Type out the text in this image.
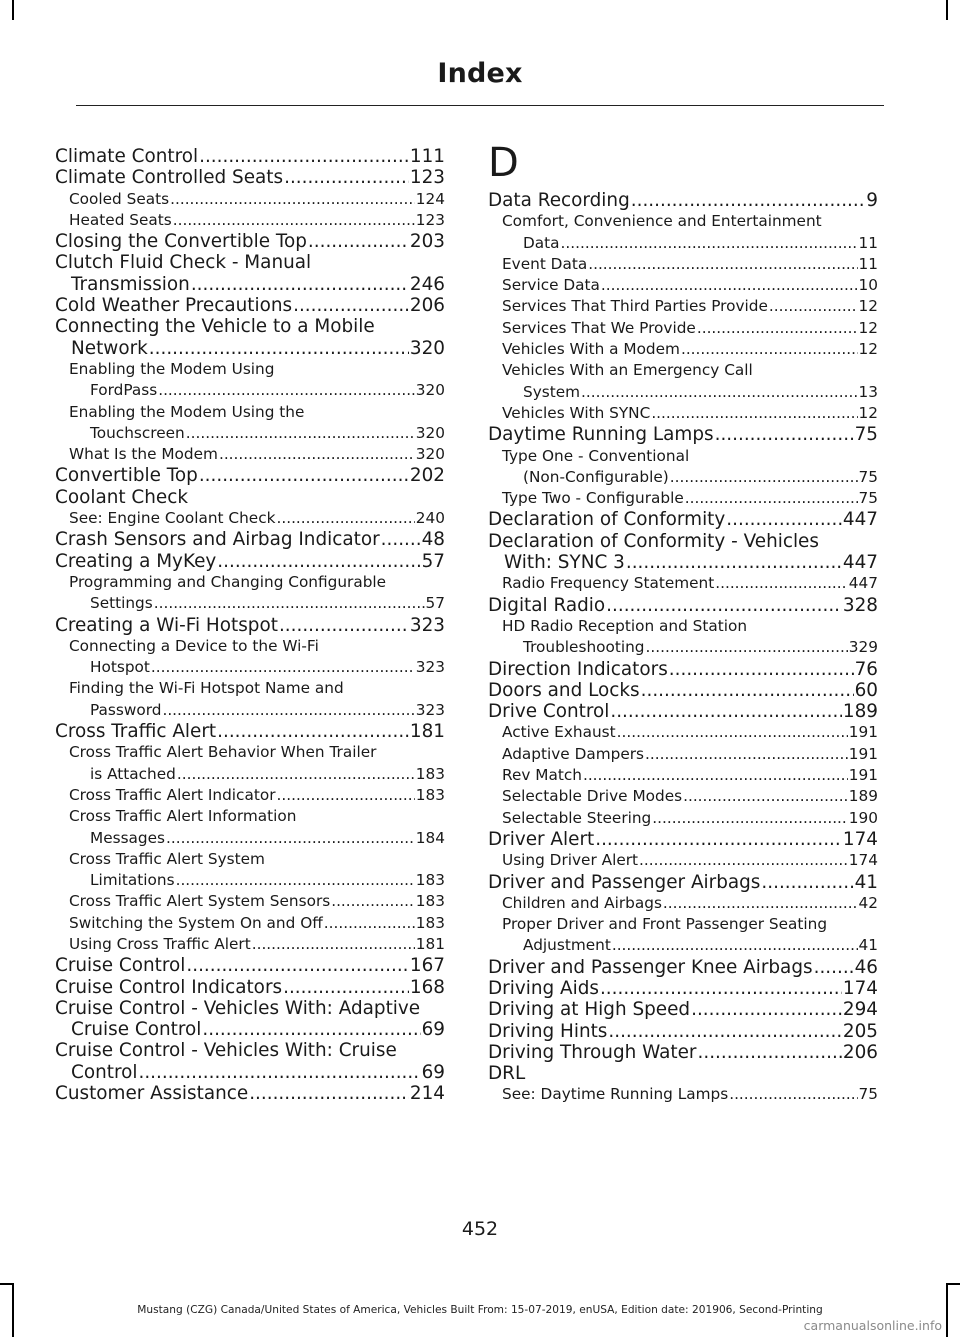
Index
Climate Control .....	111
Climate Controlled Seats .....	123
Cooled Seats .....	124
Heated Seats .....	123
Closing the Convertible Top .....	203
Clutch Fluid Check - Manual
Transmission .....	246
Cold Weather Precautions .....	206
Connecting the Vehicle to a Mobile
Network .....	320
Enabling the Modem Using
FordPass .....	320
Enabling the Modem Using the
Touchscreen .....	320
What Is the Modem .....	320
Convertible Top .....	202
Coolant Check
See: Engine Coolant Check .....	240
Crash Sensors and Airbag Indicator ..... 48
Creating a MyKey .....	57
Programming and Changing Configurable
Settings .....	57
Creating a Wi-Fi Hotspot .....	323
Connecting a Device to the Wi-Fi
Hotspot .....	323
Finding the Wi-Fi Hotspot Name and
Password .....	323
Cross Traffic Alert .....	181
Cross Traffic Alert Behavior When Trailer
is Attached .....	183
Cross Traffic Alert Indicator .....	183
Cross Traffic Alert Information
Messages .....	184
Cross Traffic Alert System
Limitations .....	183
Cross Traffic Alert System Sensors .....	183
Switching the System On and Off .....	183
Using Cross Traffic Alert .....	181
Cruise Control .....	167
Cruise Control Indicators .....	168
Cruise Control - Vehicles With: Adaptive
Cruise Control .....	69
Cruise Control - Vehicles With: Cruise
Control .....	69
Customer Assistance .....	214
D
Data Recording .....	9
Comfort, Convenience and Entertainment
Data .....	11
Event Data .....	11
Service Data .....	10
Services That Third Parties Provide .....	12
Services That We Provide .....	12
Vehicles With a Modem .....	12
Vehicles With an Emergency Call
System .....	13
Vehicles With SYNC .....	12
Daytime Running Lamps .....	75
Type One - Conventional
(Non-Configurable) .....	75
Type Two - Configurable .....	75
Declaration of Conformity .....	447
Declaration of Conformity - Vehicles
With: SYNC 3 .....	447
Radio Frequency Statement .....	447
Digital Radio .....	328
HD Radio Reception and Station
Troubleshooting .....	329
Direction Indicators .....	76
Doors and Locks .....	60
Drive Control .....	189
Active Exhaust .....	191
Adaptive Dampers .....	191
Rev Match .....	191
Selectable Drive Modes .....	189
Selectable Steering .....	190
Driver Alert .....	174
Using Driver Alert .....	174
Driver and Passenger Airbags .....	41
Children and Airbags .....	42
Proper Driver and Front Passenger Seating
Adjustment .....	41
Driver and Passenger Knee Airbags ..... 46
Driving Aids .....	174
Driving at High Speed .....	294
Driving Hints .....	205
Driving Through Water .....	206
DRL
See: Daytime Running Lamps .....	75
452
Mustang (CZG) Canada/United States of America, Vehicles Built From: 15-07-2019, enUSA, Edition date: 201906, Second-Printing
carmanualsonline.info
